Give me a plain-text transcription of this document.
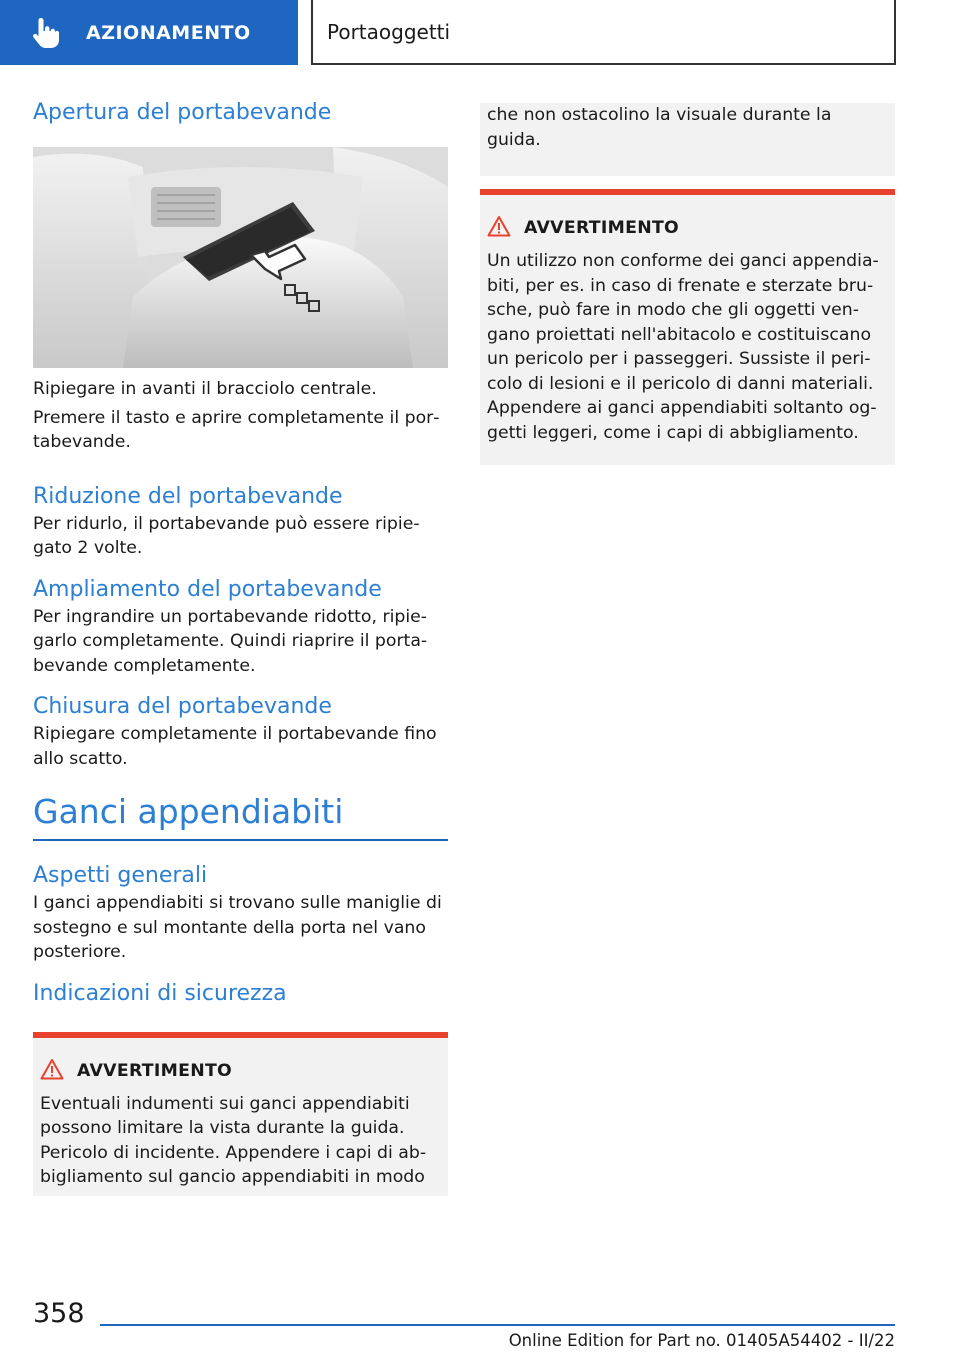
AZIONAMENTO	Portaoggetti
Apertura del portabevande

Ripiegare in avanti il bracciolo centrale.

Premere il tasto e aprire completamente il por‐ tabevande.

Riduzione del portabevande

Per ridurlo, il portabevande può essere ripie‐ gato 2 volte.

Ampliamento del portabevande

Per ingrandire un portabevande ridotto, ripie‐ garlo completamente. Quindi riaprire il porta‐ bevande completamente.

Chiusura del portabevande

Ripiegare completamente il portabevande fino allo scatto.

Ganci appendiabiti
Aspetti generali

I ganci appendiabiti si trovano sulle maniglie di sostegno e sul montante della porta nel vano posteriore.

Indicazioni di sicurezza
AVVERTIMENTO

Eventuali indumenti sui ganci appendiabiti possono limitare la vista durante la guida. Pericolo di incidente. Appendere i capi di ab‐ bigliamento sul gancio appendiabiti in modo

che non ostacolino la visuale durante la guida.

AVVERTIMENTO

Un utilizzo non conforme dei ganci appendia‐ biti, per es. in caso di frenate e sterzate bru‐ sche, può fare in modo che gli oggetti ven‐ gano proiettati nell'abitacolo e costituiscano un pericolo per i passeggeri. Sussiste il peri‐ colo di lesioni e il pericolo di danni materiali. Appendere ai ganci appendiabiti soltanto og‐ getti leggeri, come i capi di abbigliamento.

358
Online Edition for Part no. 01405A54402 - II/22
